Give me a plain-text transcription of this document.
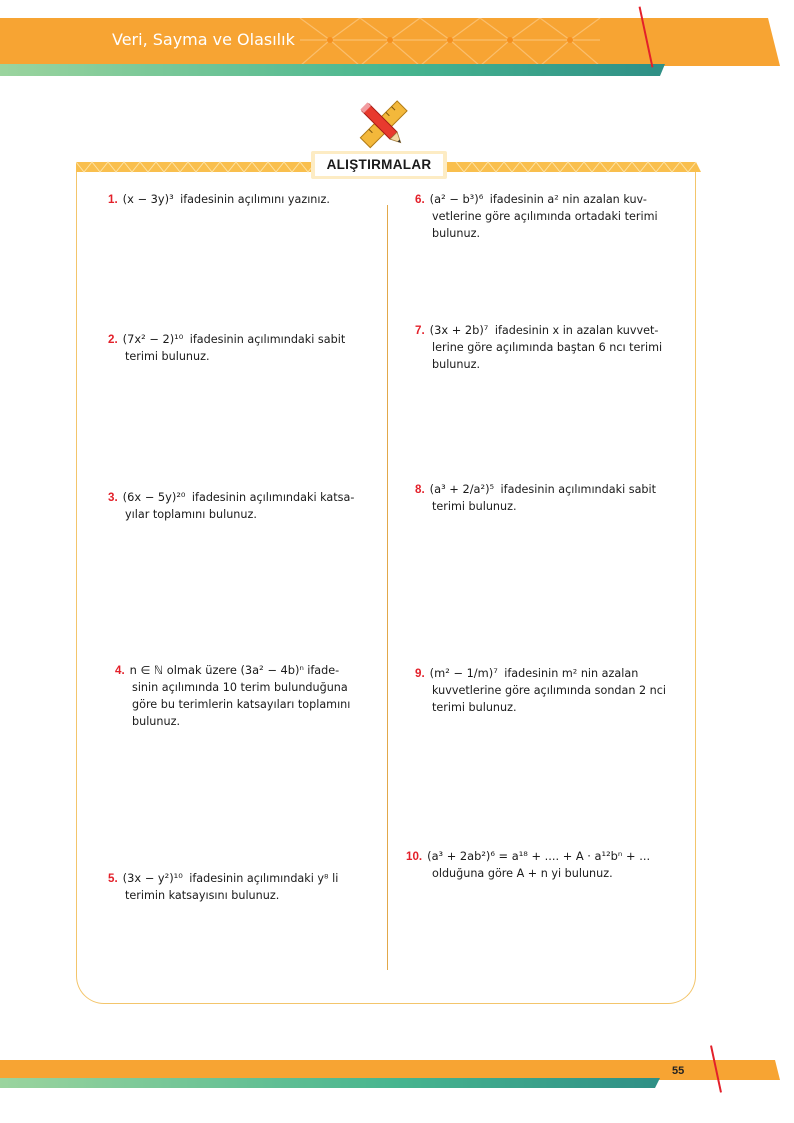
Veri, Sayma ve Olasılık
ALIŞTIRMALAR
1. (x − 3y)³ ifadesinin açılımını yazınız.
2. (7x² − 2)¹⁰ ifadesinin açılımındaki sabit
terimi bulunuz.
3. (6x − 5y)²⁰ ifadesinin açılımındaki katsa-
yılar toplamını bulunuz.
4. n ∈ ℕ olmak üzere (3a² − 4b)ⁿ ifade-
sinin açılımında 10 terim bulunduğuna
göre bu terimlerin katsayıları toplamını
bulunuz.
5. (3x − y²)¹⁰ ifadesinin açılımındaki y⁸ li
terimin katsayısını bulunuz.
6. (a² − b³)⁶ ifadesinin a² nin azalan kuv-
vetlerine göre açılımında ortadaki terimi
bulunuz.
7. (3x + 2b)⁷ ifadesinin x in azalan kuvvet-
lerine göre açılımında baştan 6 ncı terimi
bulunuz.
8. (a³ + 2/a²)⁵ ifadesinin açılımındaki sabit
terimi bulunuz.
9. (m² − 1/m)⁷ ifadesinin m² nin azalan
kuvvetlerine göre açılımında sondan 2 nci
terimi bulunuz.
10. (a³ + 2ab²)⁶ = a¹⁸ + .... + A · a¹²bⁿ + ...
olduğuna göre A + n yi bulunuz.
55
